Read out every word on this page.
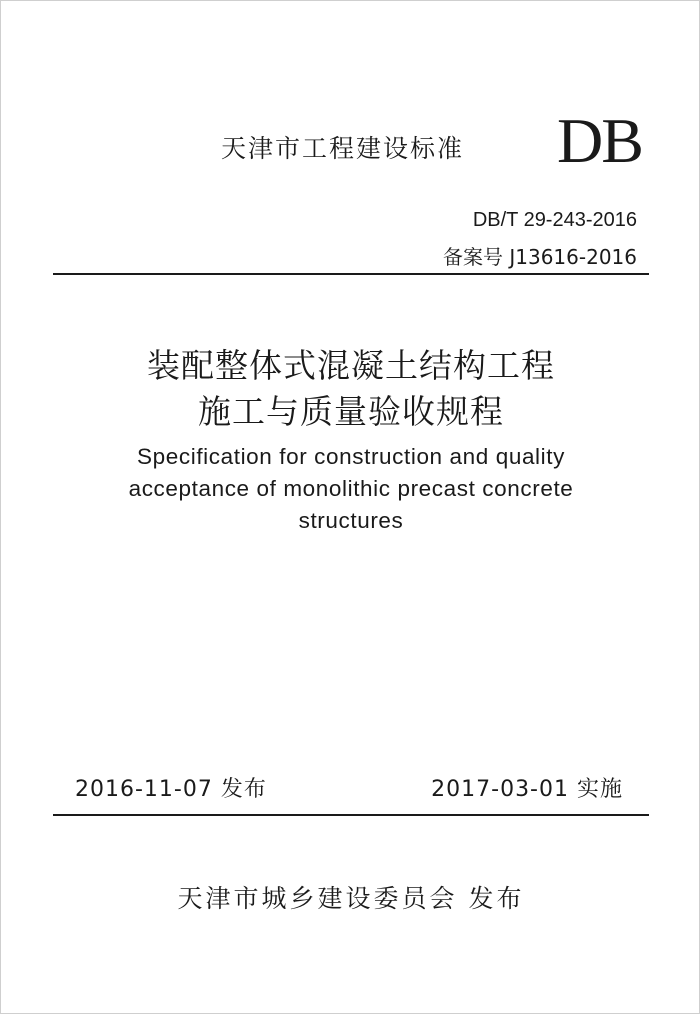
天津市工程建设标准 DB
DB/T 29-243-2016
备案号 J13616-2016
装配整体式混凝土结构工程
施工与质量验收规程
Specification for construction and quality
acceptance of monolithic precast concrete
structures
2016-11-07 发布	2017-03-01 实施
天津市城乡建设委员会 发布
